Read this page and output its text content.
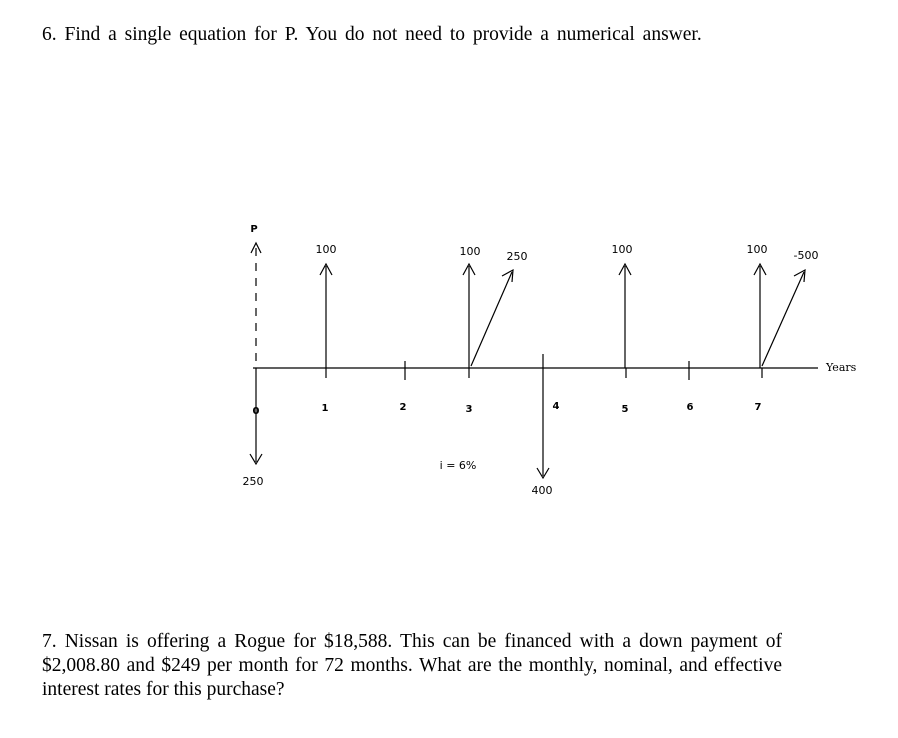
6. Find a single equation for P. You do not need to provide a numerical answer.
Years
0	1	2	3	4	5	6	7
P
250
100	100 250
400
i = 6%
100	100 -500
7. Nissan is offering a Rogue for $18,588. This can be financed with a down payment of $2,008.80 and $249 per month for 72 months. What are the monthly, nominal, and effective interest rates for this purchase?
